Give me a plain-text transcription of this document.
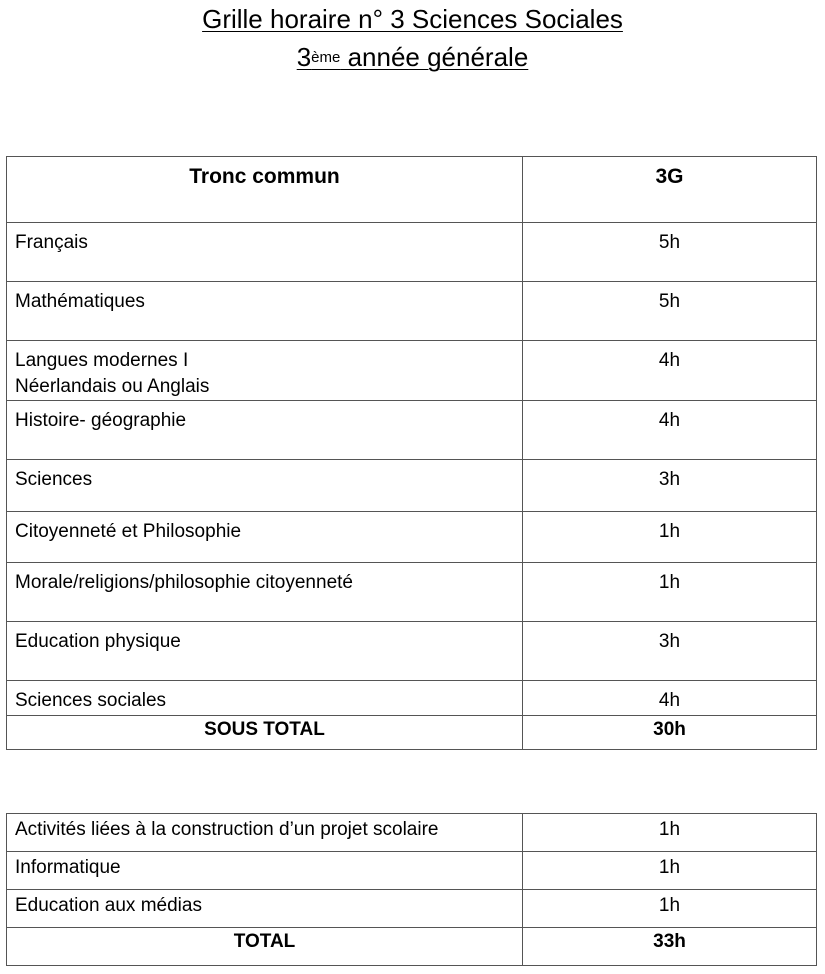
Grille horaire n° 3 Sciences Sociales
3ème année générale
Tronc commun	3G
Français	5h
Mathématiques	5h

Langues modernes I
Néerlandais ou Anglais	4h
Histoire- géographie	4h
Sciences	3h
Citoyenneté et Philosophie	1h
Morale/religions/philosophie citoyenneté	1h
Education physique	3h
Sciences sociales	4h
SOUS TOTAL	30h
Activités liées à la construction d’un projet scolaire	1h
Informatique	1h
Education aux médias	1h
TOTAL	33h
